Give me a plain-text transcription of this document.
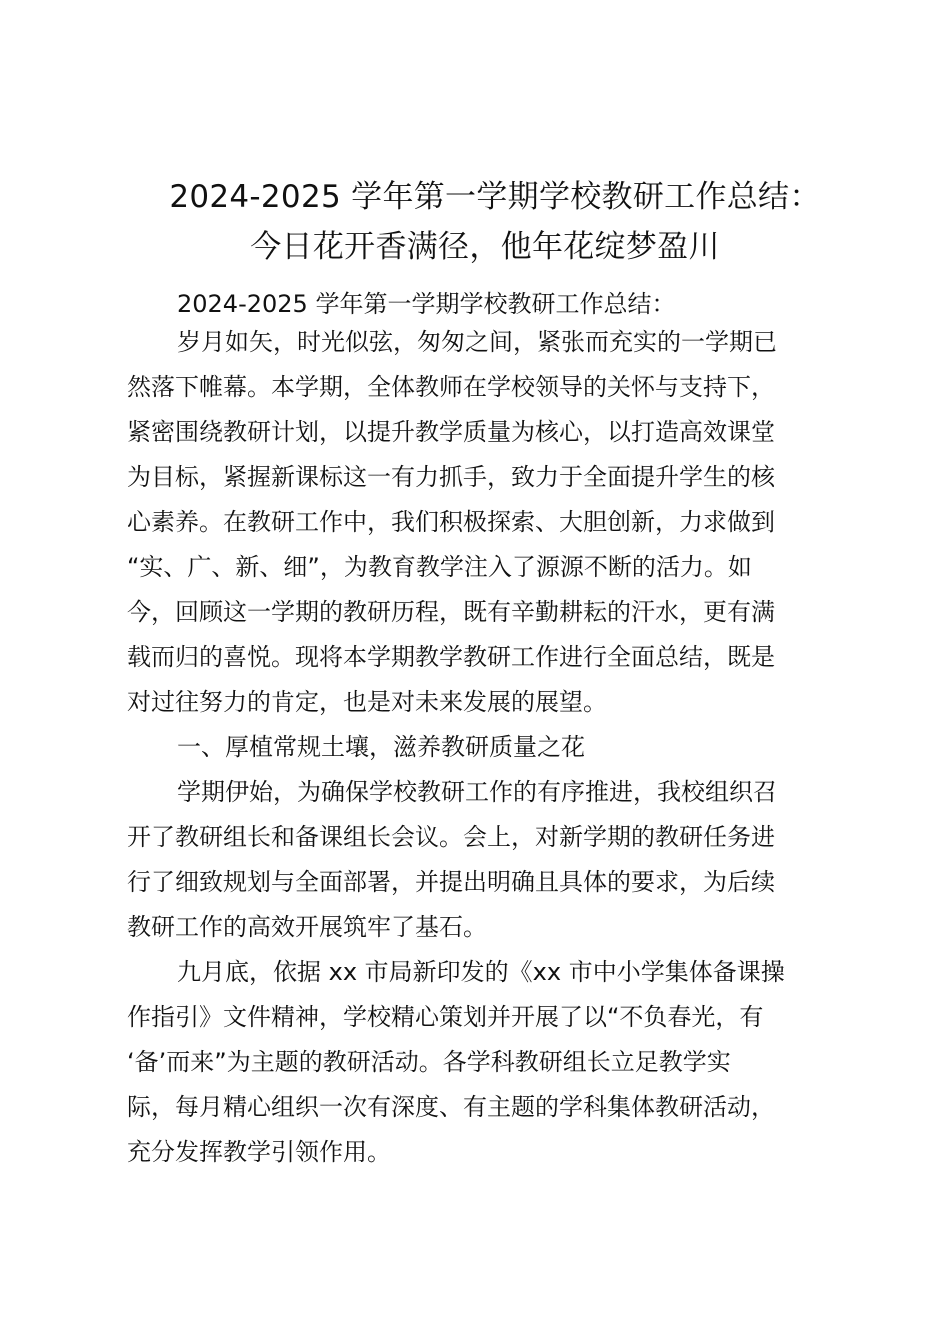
2024-2025 学年第一学期学校教研工作总结：
今日花开香满径，他年花绽梦盈川
2024-2025 学年第一学期学校教研工作总结：
岁月如矢，时光似弦，匆匆之间，紧张而充实的一学期已
然落下帷幕。本学期，全体教师在学校领导的关怀与支持下，
紧密围绕教研计划，以提升教学质量为核心，以打造高效课堂
为目标，紧握新课标这一有力抓手，致力于全面提升学生的核
心素养。在教研工作中，我们积极探索、大胆创新，力求做到
“实、广、新、细”，为教育教学注入了源源不断的活力。如
今，回顾这一学期的教研历程，既有辛勤耕耘的汗水，更有满
载而归的喜悦。现将本学期教学教研工作进行全面总结，既是
对过往努力的肯定，也是对未来发展的展望。
一、厚植常规土壤，滋养教研质量之花
学期伊始，为确保学校教研工作的有序推进，我校组织召
开了教研组长和备课组长会议。会上，对新学期的教研任务进
行了细致规划与全面部署，并提出明确且具体的要求，为后续
教研工作的高效开展筑牢了基石。
九月底，依据 xx 市局新印发的《xx 市中小学集体备课操
作指引》文件精神，学校精心策划并开展了以“不负春光，有
‘备’而来”为主题的教研活动。各学科教研组长立足教学实
际，每月精心组织一次有深度、有主题的学科集体教研活动，
充分发挥教学引领作用。
